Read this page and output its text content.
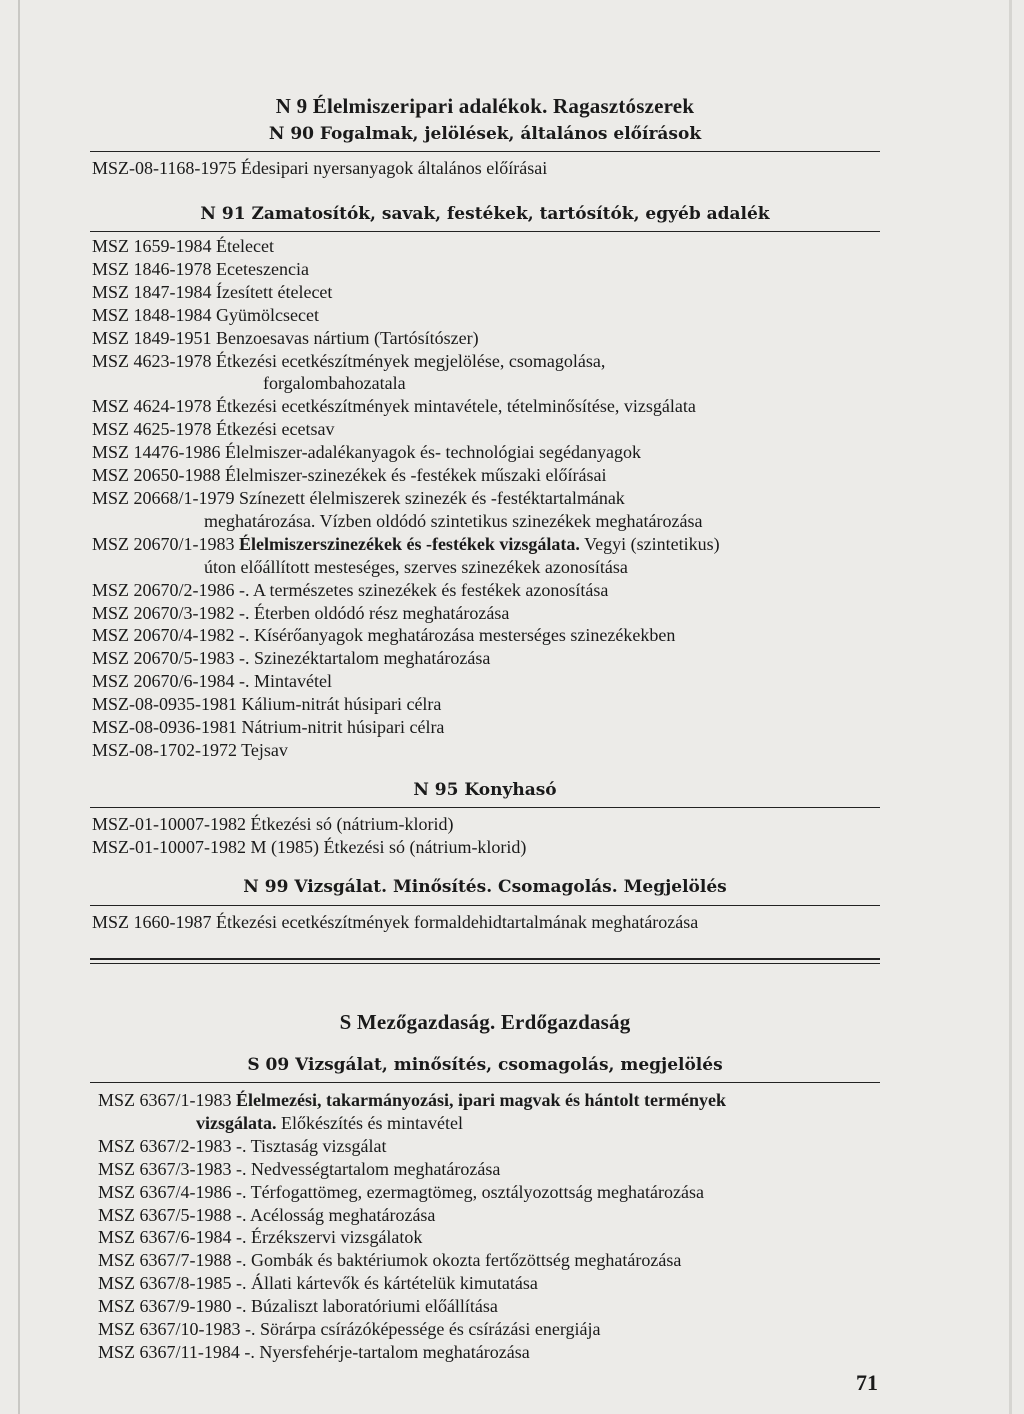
N 9 Élelmiszeripari adalékok. Ragasztószerek
N 90 Fogalmak, jelölések, általános előírások
MSZ-08-1168-1975 Édesipari nyersanyagok általános előírásai
N 91 Zamatosítók, savak, festékek, tartósítók, egyéb adalék
MSZ 1659-1984 Ételecet
MSZ 1846-1978 Eceteszencia
MSZ 1847-1984 Ízesített ételecet
MSZ 1848-1984 Gyümölcsecet
MSZ 1849-1951 Benzoesavas nártium (Tartósítószer)
MSZ 4623-1978 Étkezési ecetkészítmények megjelölése, csomagolása,
forgalombahozatala
MSZ 4624-1978 Étkezési ecetkészítmények mintavétele, tételminősítése, vizsgálata
MSZ 4625-1978 Étkezési ecetsav
MSZ 14476-1986 Élelmiszer-adalékanyagok és- technológiai segédanyagok
MSZ 20650-1988 Élelmiszer-szinezékek és -festékek műszaki előírásai
MSZ 20668/1-1979 Színezett élelmiszerek szinezék és -festéktartalmának
meghatározása. Vízben oldódó szintetikus szinezékek meghatározása
MSZ 20670/1-1983 Élelmiszerszinezékek és -festékek vizsgálata. Vegyi (szintetikus)
úton előállított mesteséges, szerves szinezékek azonosítása
MSZ 20670/2-1986 -. A természetes szinezékek és festékek azonosítása
MSZ 20670/3-1982 -. Éterben oldódó rész meghatározása
MSZ 20670/4-1982 -. Kísérőanyagok meghatározása mesterséges szinezékekben
MSZ 20670/5-1983 -. Szinezéktartalom meghatározása
MSZ 20670/6-1984 -. Mintavétel
MSZ-08-0935-1981 Kálium-nitrát húsipari célra
MSZ-08-0936-1981 Nátrium-nitrit húsipari célra
MSZ-08-1702-1972 Tejsav
N 95 Konyhasó
MSZ-01-10007-1982 Étkezési só (nátrium-klorid)
MSZ-01-10007-1982 M (1985) Étkezési só (nátrium-klorid)
N 99 Vizsgálat. Minősítés. Csomagolás. Megjelölés
MSZ 1660-1987 Étkezési ecetkészítmények formaldehidtartalmának meghatározása
S Mezőgazdaság. Erdőgazdaság
S 09 Vizsgálat, minősítés, csomagolás, megjelölés
MSZ 6367/1-1983 Élelmezési, takarmányozási, ipari magvak és hántolt termények
vizsgálata. Előkészítés és mintavétel
MSZ 6367/2-1983 -. Tisztaság vizsgálat
MSZ 6367/3-1983 -. Nedvességtartalom meghatározása
MSZ 6367/4-1986 -. Térfogattömeg, ezermagtömeg, osztályozottság meghatározása
MSZ 6367/5-1988 -. Acélosság meghatározása
MSZ 6367/6-1984 -. Érzékszervi vizsgálatok
MSZ 6367/7-1988 -. Gombák és baktériumok okozta fertőzöttség meghatározása
MSZ 6367/8-1985 -. Állati kártevők és kártételük kimutatása
MSZ 6367/9-1980 -. Búzaliszt laboratóriumi előállítása
MSZ 6367/10-1983 -. Sörárpa csírázóképessége és csírázási energiája
MSZ 6367/11-1984 -. Nyersfehérje-tartalom meghatározása
71
